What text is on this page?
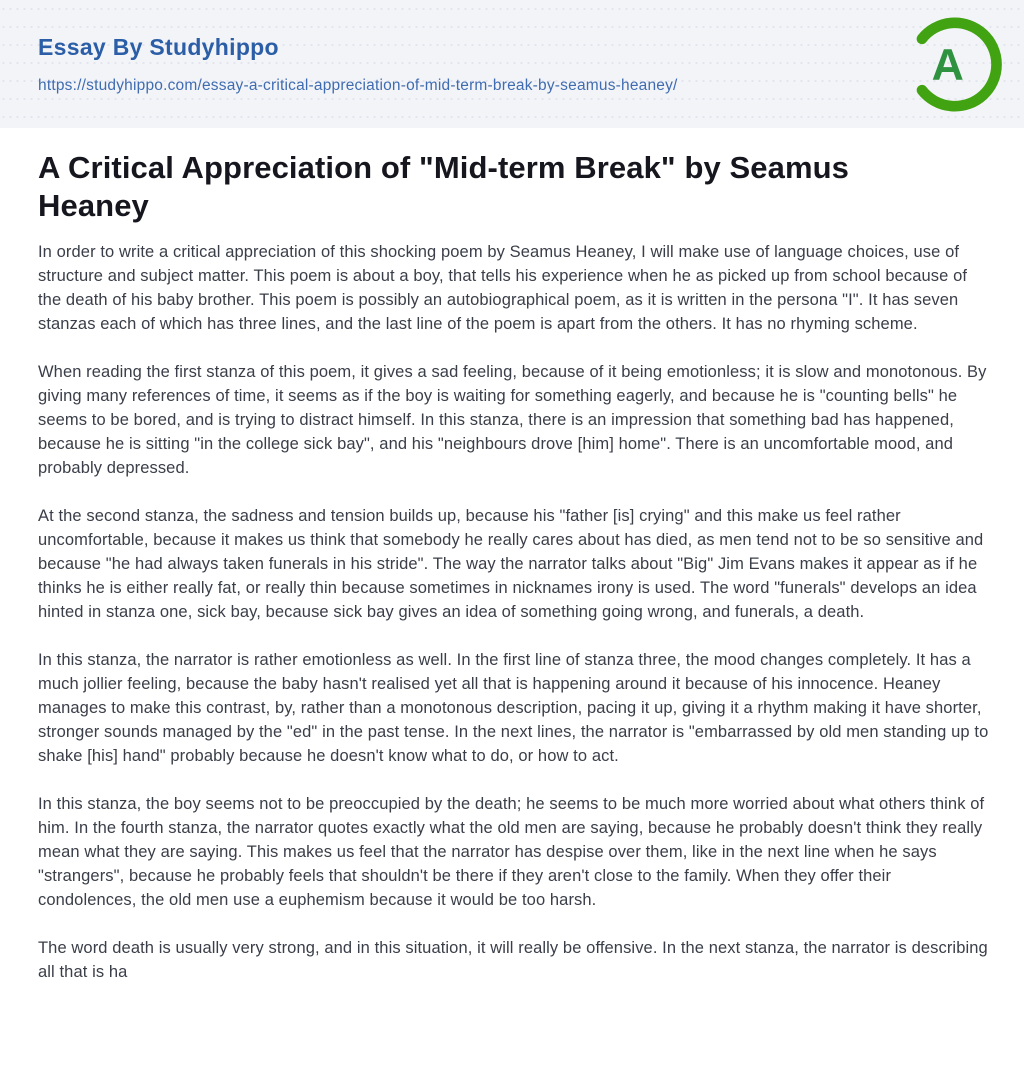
Essay By Studyhippo
https://studyhippo.com/essay-a-critical-appreciation-of-mid-term-break-by-seamus-heaney/	A
A Critical Appreciation of "Mid-term Break" by Seamus Heaney

In order to write a critical appreciation of this shocking poem by Seamus Heaney, I will make use of language choices, use of structure and subject matter. This poem is about a boy, that tells his experience when he as picked up from school because of the death of his baby brother. This poem is possibly an autobiographical poem, as it is written in the persona "I". It has seven stanzas each of which has three lines, and the last line of the poem is apart from the others. It has no rhyming scheme.

When reading the first stanza of this poem, it gives a sad feeling, because of it being emotionless; it is slow and monotonous. By giving many references of time, it seems as if the boy is waiting for something eagerly, and because he is "counting bells" he seems to be bored, and is trying to distract himself. In this stanza, there is an impression that something bad has happened, because he is sitting "in the college sick bay", and his "neighbours drove [him] home". There is an uncomfortable mood, and probably depressed.

At the second stanza, the sadness and tension builds up, because his "father [is] crying" and this make us feel rather uncomfortable, because it makes us think that somebody he really cares about has died, as men tend not to be so sensitive and because "he had always taken funerals in his stride". The way the narrator talks about "Big" Jim Evans makes it appear as if he thinks he is either really fat, or really thin because sometimes in nicknames irony is used. The word "funerals" develops an idea hinted in stanza one, sick bay, because sick bay gives an idea of something going wrong, and funerals, a death.

In this stanza, the narrator is rather emotionless as well. In the first line of stanza three, the mood changes completely. It has a much jollier feeling, because the baby hasn't realised yet all that is happening around it because of his innocence. Heaney manages to make this contrast, by, rather than a monotonous description, pacing it up, giving it a rhythm making it have shorter, stronger sounds managed by the "ed" in the past tense. In the next lines, the narrator is "embarrassed by old men standing up to shake [his] hand" probably because he doesn't know what to do, or how to act.

In this stanza, the boy seems not to be preoccupied by the death; he seems to be much more worried about what others think of him. In the fourth stanza, the narrator quotes exactly what the old men are saying, because he probably doesn't think they really mean what they are saying. This makes us feel that the narrator has despise over them, like in the next line when he says "strangers", because he probably feels that shouldn't be there if they aren't close to the family. When they offer their condolences, the old men use a euphemism because it would be too harsh.

The word death is usually very strong, and in this situation, it will really be offensive. In the next stanza, the narrator is describing all that is ha
